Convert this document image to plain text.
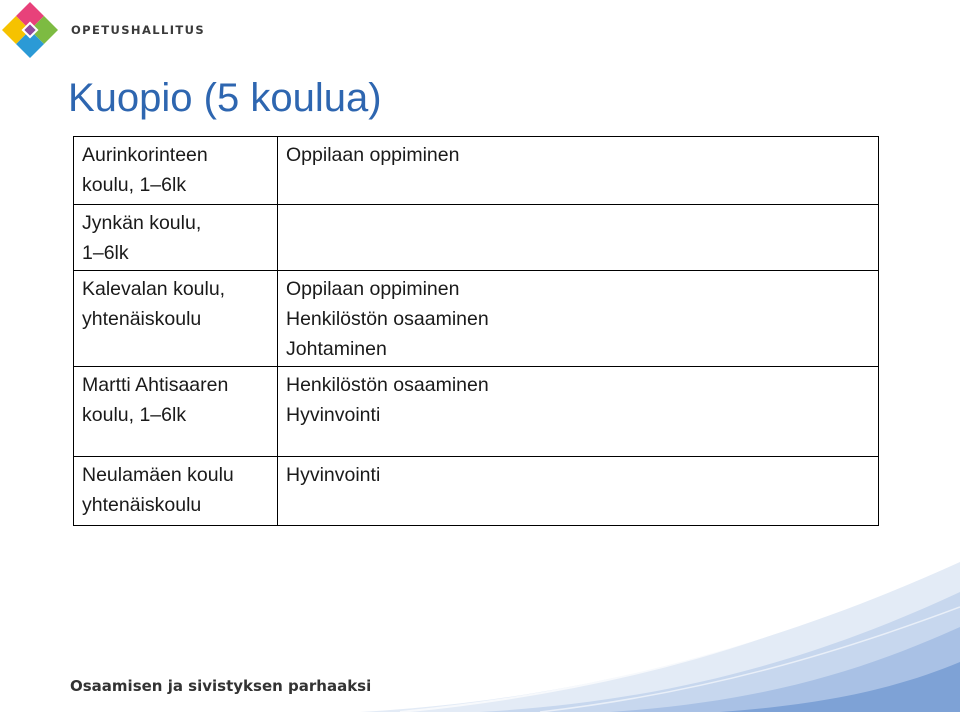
OPETUSHALLITUS
Kuopio (5 koulua)
Aurinkorinteen
koulu, 1–6lk	Oppilaan oppiminen

Jynkän koulu,
1–6lk	

Kalevalan koulu,
yhtenäiskoulu	Oppilaan oppiminen
Henkilöstön osaaminen
Johtaminen

Martti Ahtisaaren
koulu, 1–6lk	Henkilöstön osaaminen
Hyvinvointi

Neulamäen koulu
yhtenäiskoulu	Hyvinvointi
Osaamisen ja sivistyksen parhaaksi
